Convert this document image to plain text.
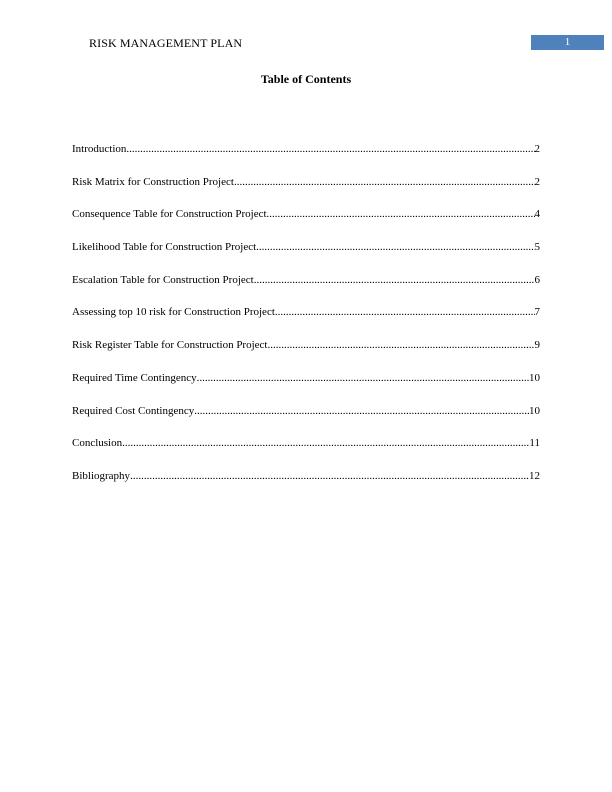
RISK MANAGEMENT PLAN	1
Table of Contents
Introduction .....	2
Risk Matrix for Construction Project .....	2
Consequence Table for Construction Project .....	4
Likelihood Table for Construction Project .....	5
Escalation Table for Construction Project .....	6
Assessing top 10 risk for Construction Project .....	7
Risk Register Table for Construction Project .....	9
Required Time Contingency .....	10
Required Cost Contingency .....	10
Conclusion .....	11
Bibliography .....	12
